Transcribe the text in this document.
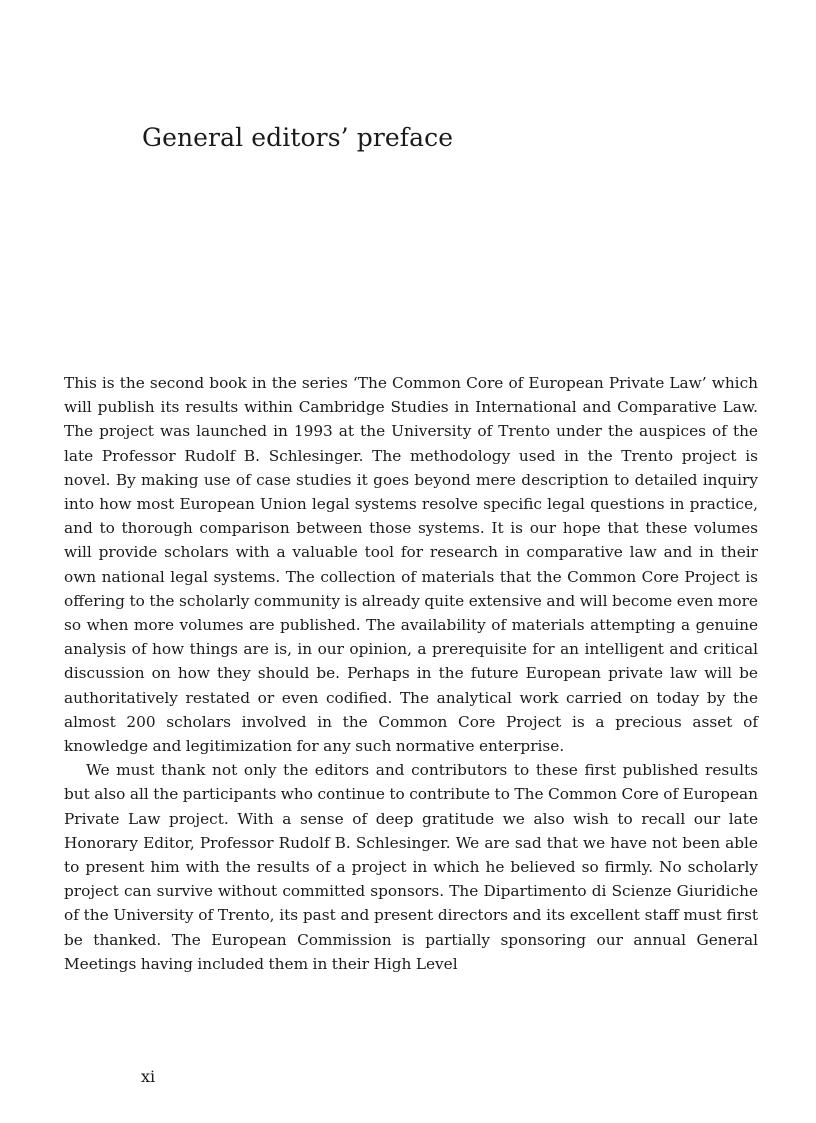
General editors’ preface

This is the second book in the series ‘The Common Core of European Private Law’ which will publish its results within Cambridge Studies in International and Comparative Law. The project was launched in 1993 at the University of Trento under the auspices of the late Professor Rudolf B. Schlesinger. The methodology used in the Trento project is novel. By making use of case studies it goes beyond mere description to detailed inquiry into how most European Union legal systems resolve specific legal questions in practice, and to thorough comparison between those systems. It is our hope that these volumes will provide scholars with a valuable tool for research in comparative law and in their own national legal systems. The collection of materials that the Common Core Project is offering to the scholarly community is already quite extensive and will become even more so when more volumes are published. The availability of materials attempting a genuine analysis of how things are is, in our opinion, a prerequisite for an intelligent and critical discussion on how they should be. Perhaps in the future European private law will be authoritatively restated or even codified. The analytical work carried on today by the almost 200 scholars involved in the Common Core Project is a precious asset of knowledge and legitimization for any such normative enterprise.

We must thank not only the editors and contributors to these first published results but also all the participants who continue to contribute to The Common Core of European Private Law project. With a sense of deep gratitude we also wish to recall our late Honorary Editor, Professor Rudolf B. Schlesinger. We are sad that we have not been able to present him with the results of a project in which he believed so firmly. No scholarly project can survive without committed sponsors. The Dipartimento di Scienze Giuridiche of the University of Trento, its past and present directors and its excellent staff must first be thanked. The European Commission is partially sponsoring our annual General Meetings having included them in their High Level

xi
